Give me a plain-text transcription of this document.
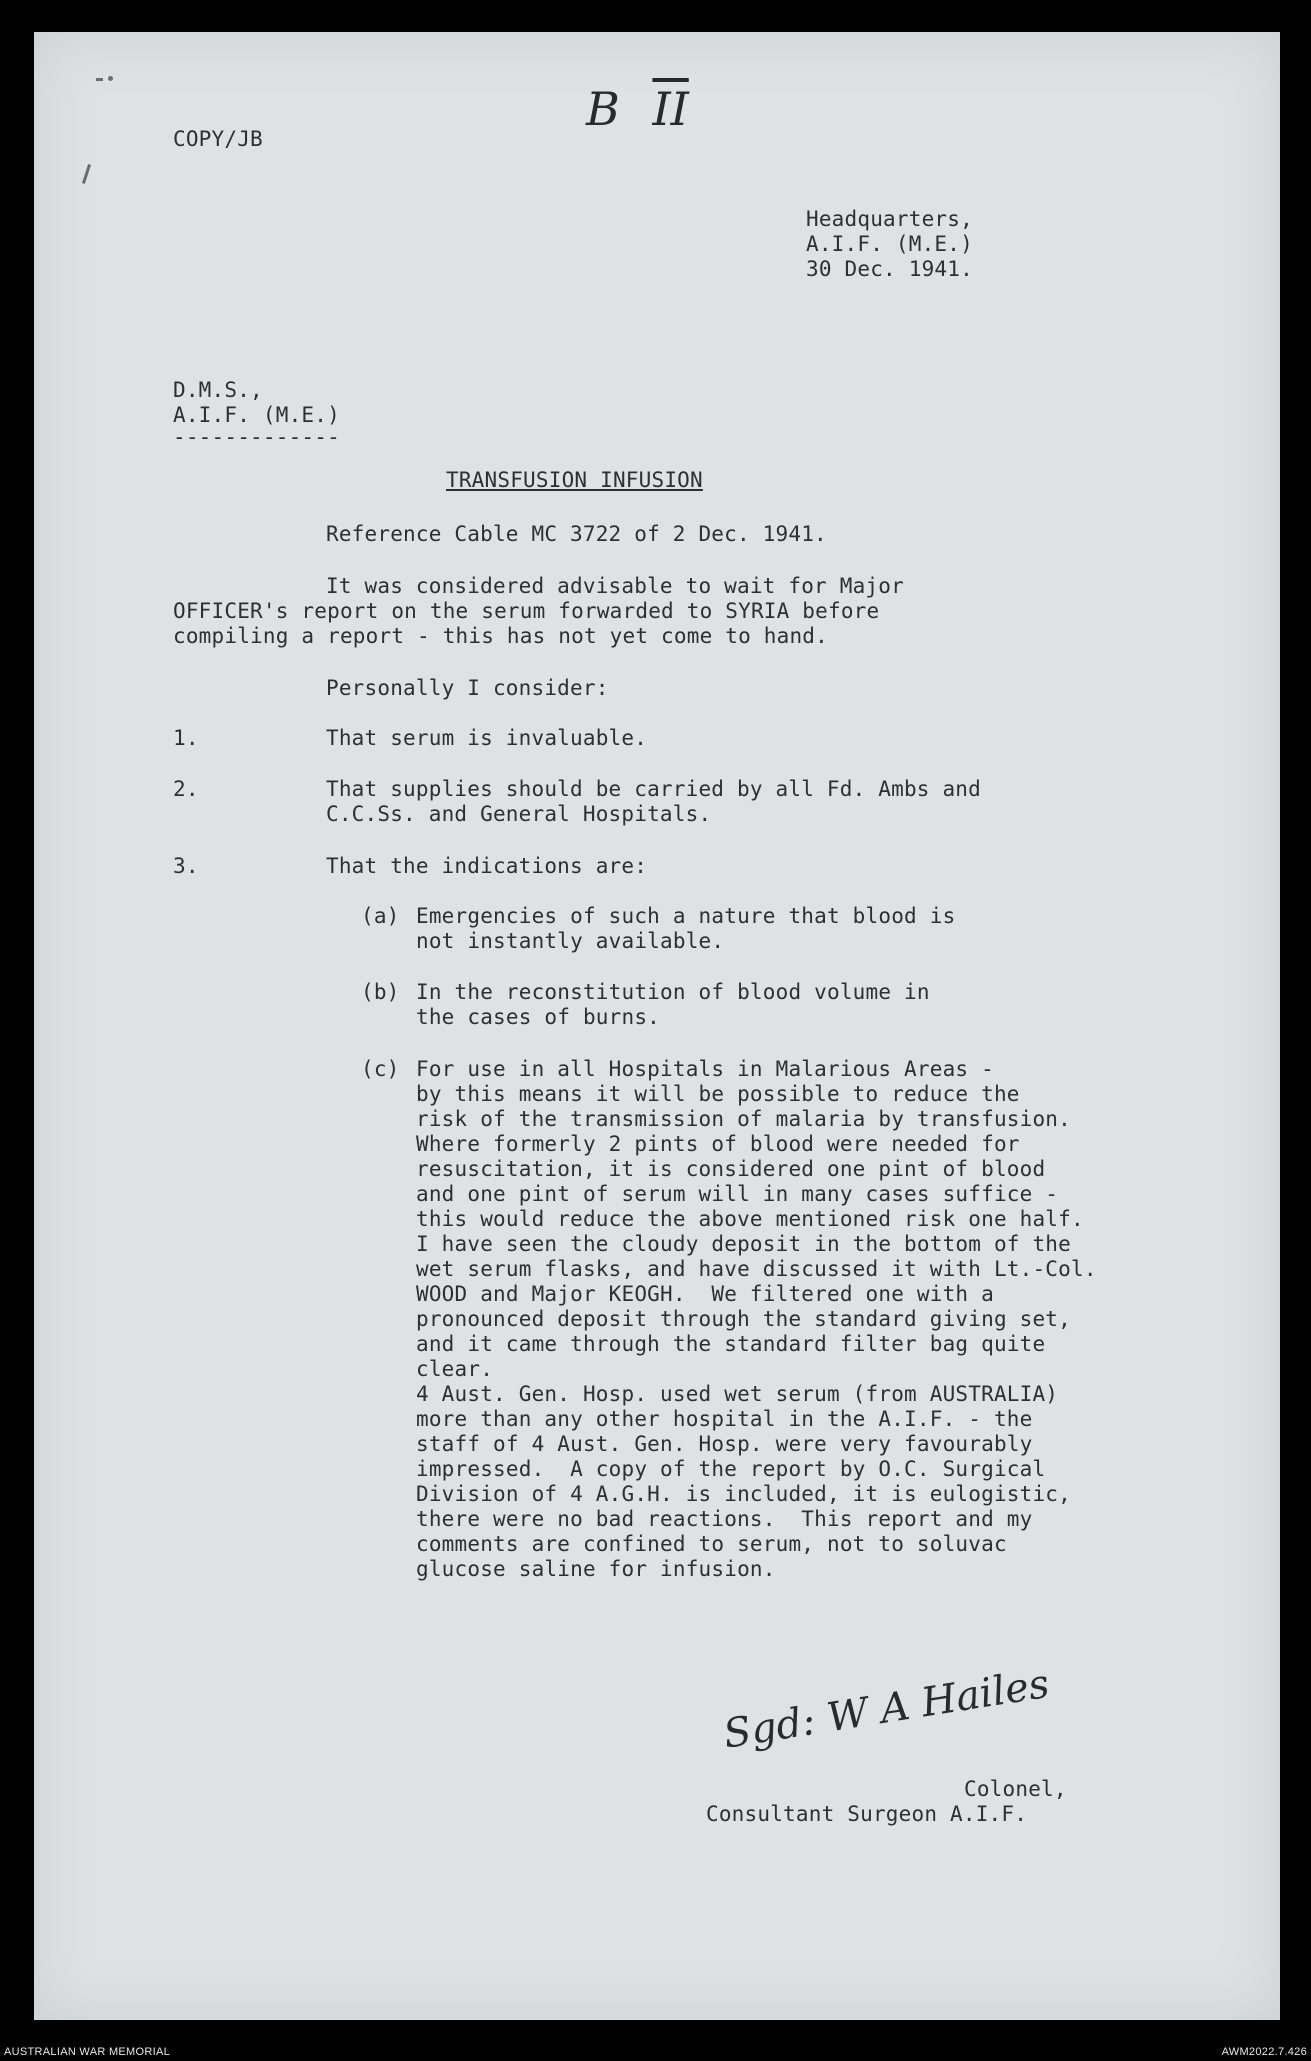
B $\overline{II}$
COPY/JB
Headquarters,
A.I.F. (M.E.)
30 Dec. 1941.
D.M.S.,
A.I.F. (M.E.)
-------------
TRANSFUSION INFUSION
Reference Cable MC 3722 of 2 Dec. 1941.
It was considered advisable to wait for Major
OFFICER's report on the serum forwarded to SYRIA before
compiling a report - this has not yet come to hand.
Personally I consider:
1.	That serum is invaluable.
2.	That supplies should be carried by all Fd. Ambs and
C.C.Ss. and General Hospitals.
3.	That the indications are:
(a) Emergencies of such a nature that blood is
not instantly available.
(b) In the reconstitution of blood volume in
the cases of burns.
(c) For use in all Hospitals in Malarious Areas -
by this means it will be possible to reduce the
risk of the transmission of malaria by transfusion.
Where formerly 2 pints of blood were needed for
resuscitation, it is considered one pint of blood
and one pint of serum will in many cases suffice -
this would reduce the above mentioned risk one half.
I have seen the cloudy deposit in the bottom of the
wet serum flasks, and have discussed it with Lt.-Col.
WOOD and Major KEOGH.  We filtered one with a
pronounced deposit through the standard giving set,
and it came through the standard filter bag quite
clear.
4 Aust. Gen. Hosp. used wet serum (from AUSTRALIA)
more than any other hospital in the A.I.F. - the
staff of 4 Aust. Gen. Hosp. were very favourably
impressed.  A copy of the report by O.C. Surgical
Division of 4 A.G.H. is included, it is eulogistic,
there were no bad reactions.  This report and my
comments are confined to serum, not to soluvac
glucose saline for infusion.
Sgd: W A Hailes
Colonel,
Consultant Surgeon A.I.F.
AUSTRALIAN WAR MEMORIAL	AWM2022.7.426
